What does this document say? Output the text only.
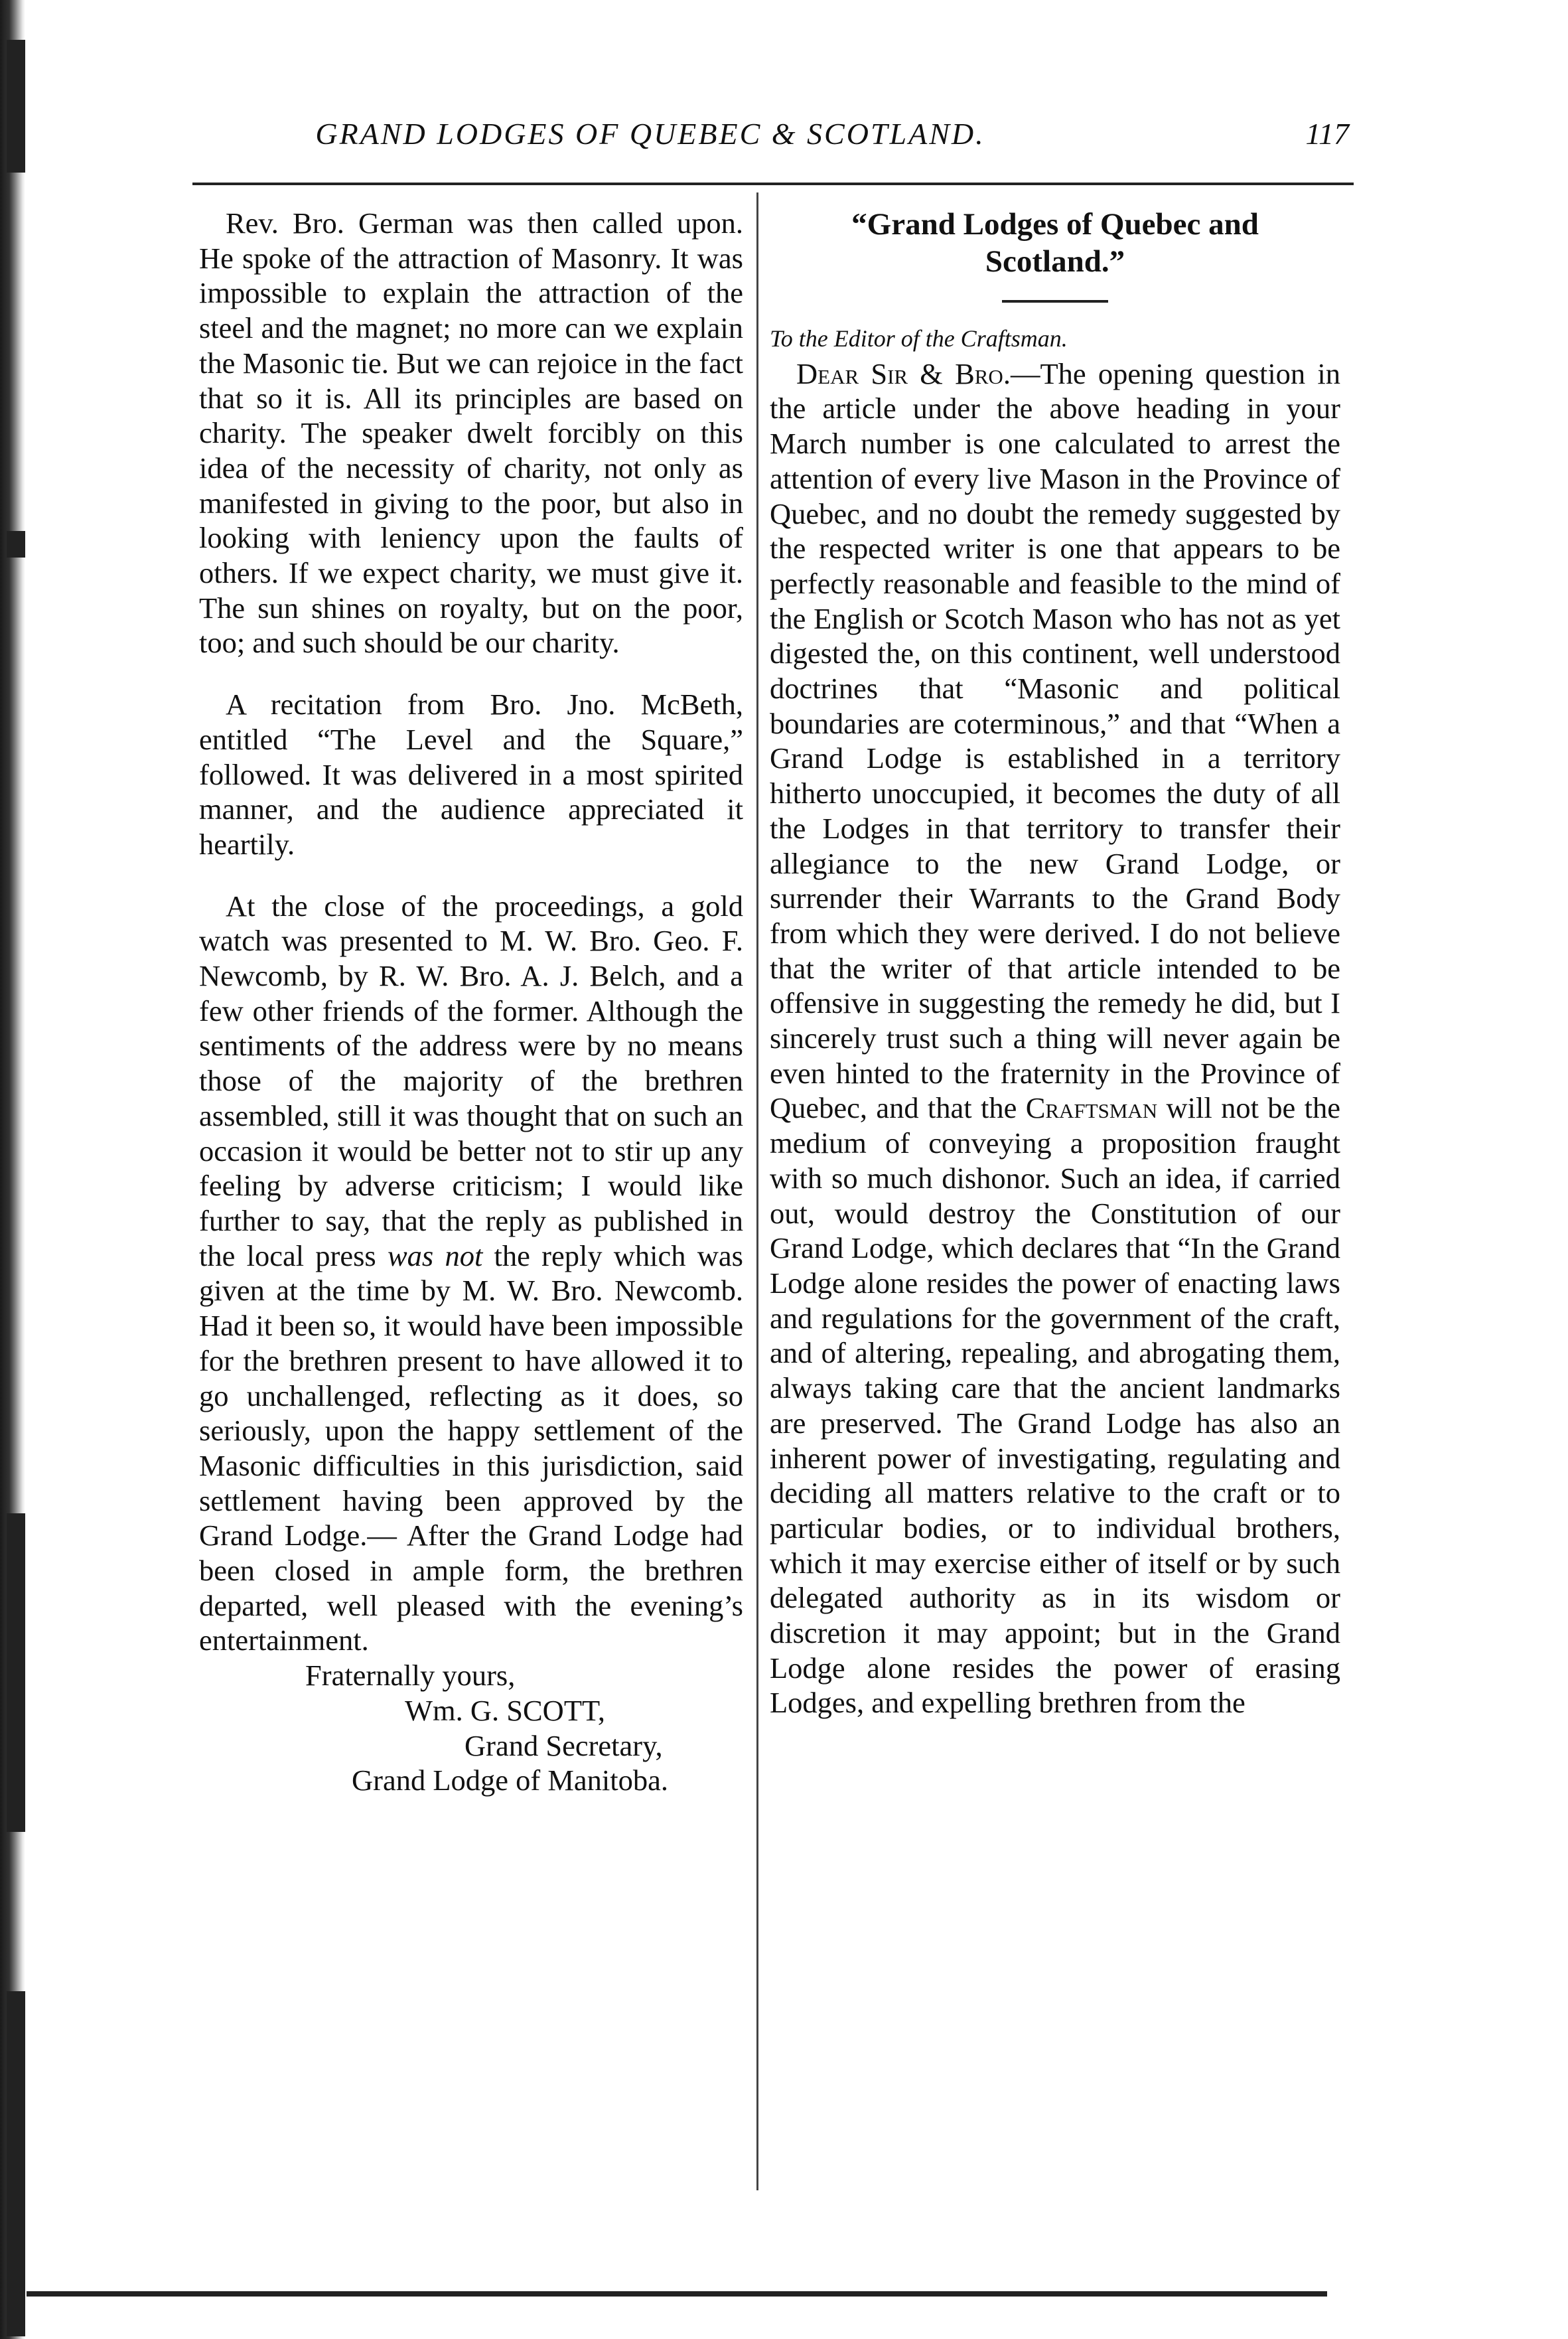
GRAND LODGES OF QUEBEC & SCOTLAND.	117

Rev. Bro. German was then called upon. He spoke of the attraction of Masonry. It was impossible to explain the attraction of the steel and the magnet; no more can we explain the Masonic tie. But we can rejoice in the fact that so it is. All its principles are based on charity. The speaker dwelt forcibly on this idea of the necessity of charity, not only as manifested in giving to the poor, but also in looking with leniency upon the faults of others. If we expect charity, we must give it. The sun shines on royalty, but on the poor, too; and such should be our charity.

A recitation from Bro. Jno. McBeth, entitled “The Level and the Square,” followed. It was delivered in a most spirited manner, and the audience appreciated it heartily.

At the close of the proceedings, a gold watch was presented to M. W. Bro. Geo. F. Newcomb, by R. W. Bro. A. J. Belch, and a few other friends of the former. Although the sentiments of the address were by no means those of the majority of the brethren assembled, still it was thought that on such an occasion it would be better not to stir up any feeling by adverse criticism; I would like further to say, that the reply as published in the local press was not the reply which was given at the time by M. W. Bro. Newcomb. Had it been so, it would have been impossible for the brethren present to have allowed it to go unchallenged, reflecting as it does, so seriously, upon the happy settlement of the Masonic difficulties in this jurisdiction, said settlement having been approved by the Grand Lodge.— After the Grand Lodge had been closed in ample form, the brethren departed, well pleased with the evening’s entertainment.

Fraternally yours,

Wm. G. SCOTT,

Grand Secretary,

Grand Lodge of Manitoba.

“Grand Lodges of Quebec and Scotland.”

To the Editor of the Craftsman.

Dear Sir & Bro.—The opening question in the article under the above heading in your March number is one calculated to arrest the attention of every live Mason in the Province of Quebec, and no doubt the remedy suggested by the respected writer is one that appears to be perfectly reasonable and feasible to the mind of the English or Scotch Mason who has not as yet digested the, on this continent, well understood doctrines that “Masonic and political boundaries are coterminous,” and that “When a Grand Lodge is established in a territory hitherto unoccupied, it becomes the duty of all the Lodges in that territory to transfer their allegiance to the new Grand Lodge, or surrender their Warrants to the Grand Body from which they were derived. I do not believe that the writer of that article intended to be offensive in suggesting the remedy he did, but I sincerely trust such a thing will never again be even hinted to the fraternity in the Province of Quebec, and that the Craftsman will not be the medium of conveying a proposition fraught with so much dishonor. Such an idea, if carried out, would destroy the Constitution of our Grand Lodge, which declares that “In the Grand Lodge alone resides the power of enacting laws and regulations for the government of the craft, and of altering, repealing, and abrogating them, always taking care that the ancient landmarks are preserved. The Grand Lodge has also an inherent power of investigating, regulating and deciding all matters relative to the craft or to particular bodies, or to individual brothers, which it may exercise either of itself or by such delegated authority as in its wisdom or discretion it may appoint; but in the Grand Lodge alone resides the power of erasing Lodges, and expelling brethren from the
